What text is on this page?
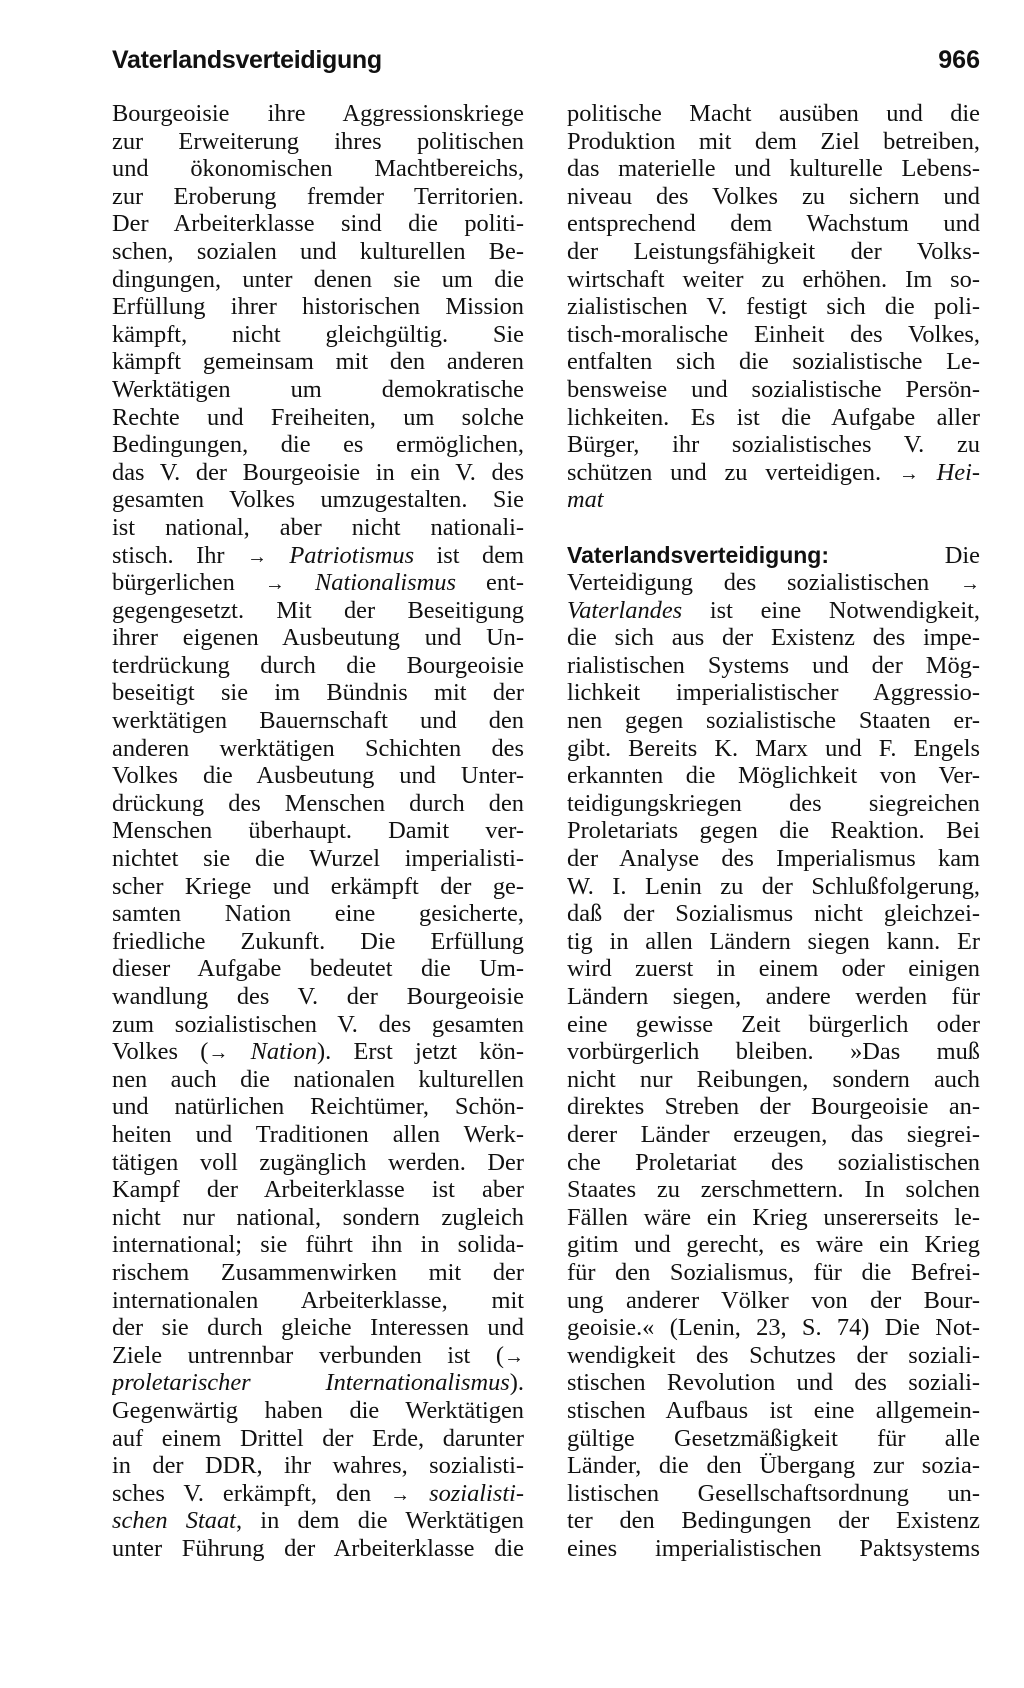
Vaterlandsverteidigung	966
Bourgeoisie ihre Aggressionskriege
zur Erweiterung ihres politischen
und ökonomischen Machtbereichs,
zur Eroberung fremder Territorien.
Der Arbeiterklasse sind die politi-
schen, sozialen und kulturellen Be-
dingungen, unter denen sie um die
Erfüllung ihrer historischen Mission
kämpft, nicht gleichgültig. Sie
kämpft gemeinsam mit den anderen
Werktätigen um demokratische
Rechte und Freiheiten, um solche
Bedingungen, die es ermöglichen,
das V. der Bourgeoisie in ein V. des
gesamten Volkes umzugestalten. Sie
ist national, aber nicht nationali-
stisch. Ihr → Patriotismus ist dem
bürgerlichen → Nationalismus ent-
gegengesetzt. Mit der Beseitigung
ihrer eigenen Ausbeutung und Un-
terdrückung durch die Bourgeoisie
beseitigt sie im Bündnis mit der
werktätigen Bauernschaft und den
anderen werktätigen Schichten des
Volkes die Ausbeutung und Unter-
drückung des Menschen durch den
Menschen überhaupt. Damit ver-
nichtet sie die Wurzel imperialisti-
scher Kriege und erkämpft der ge-
samten Nation eine gesicherte,
friedliche Zukunft. Die Erfüllung
dieser Aufgabe bedeutet die Um-
wandlung des V. der Bourgeoisie
zum sozialistischen V. des gesamten
Volkes (→ Nation). Erst jetzt kön-
nen auch die nationalen kulturellen
und natürlichen Reichtümer, Schön-
heiten und Traditionen allen Werk-
tätigen voll zugänglich werden. Der
Kampf der Arbeiterklasse ist aber
nicht nur national, sondern zugleich
international; sie führt ihn in solida-
rischem Zusammenwirken mit der
internationalen Arbeiterklasse, mit
der sie durch gleiche Interessen und
Ziele untrennbar verbunden ist (→
proletarischer Internationalismus).
Gegenwärtig haben die Werktätigen
auf einem Drittel der Erde, darunter
in der DDR, ihr wahres, sozialisti-
sches V. erkämpft, den → sozialisti-
schen Staat, in dem die Werktätigen
unter Führung der Arbeiterklasse die
politische Macht ausüben und die
Produktion mit dem Ziel betreiben,
das materielle und kulturelle Lebens-
niveau des Volkes zu sichern und
entsprechend dem Wachstum und
der Leistungsfähigkeit der Volks-
wirtschaft weiter zu erhöhen. Im so-
zialistischen V. festigt sich die poli-
tisch-moralische Einheit des Volkes,
entfalten sich die sozialistische Le-
bensweise und sozialistische Persön-
lichkeiten. Es ist die Aufgabe aller
Bürger, ihr sozialistisches V. zu
schützen und zu verteidigen. → Hei-
mat
Vaterlandsverteidigung:	Die
Verteidigung des sozialistischen →
Vaterlandes ist eine Notwendigkeit,
die sich aus der Existenz des impe-
rialistischen Systems und der Mög-
lichkeit imperialistischer Aggressio-
nen gegen sozialistische Staaten er-
gibt. Bereits K. Marx und F. Engels
erkannten die Möglichkeit von Ver-
teidigungskriegen des siegreichen
Proletariats gegen die Reaktion. Bei
der Analyse des Imperialismus kam
W. I. Lenin zu der Schlußfolgerung,
daß der Sozialismus nicht gleichzei-
tig in allen Ländern siegen kann. Er
wird zuerst in einem oder einigen
Ländern siegen, andere werden für
eine gewisse Zeit bürgerlich oder
vorbürgerlich bleiben. »Das muß
nicht nur Reibungen, sondern auch
direktes Streben der Bourgeoisie an-
derer Länder erzeugen, das siegrei-
che Proletariat des sozialistischen
Staates zu zerschmettern. In solchen
Fällen wäre ein Krieg unsererseits le-
gitim und gerecht, es wäre ein Krieg
für den Sozialismus, für die Befrei-
ung anderer Völker von der Bour-
geoisie.« (Lenin, 23, S. 74) Die Not-
wendigkeit des Schutzes der soziali-
stischen Revolution und des soziali-
stischen Aufbaus ist eine allgemein-
gültige Gesetzmäßigkeit für alle
Länder, die den Übergang zur sozia-
listischen Gesellschaftsordnung un-
ter den Bedingungen der Existenz
eines imperialistischen Paktsystems
